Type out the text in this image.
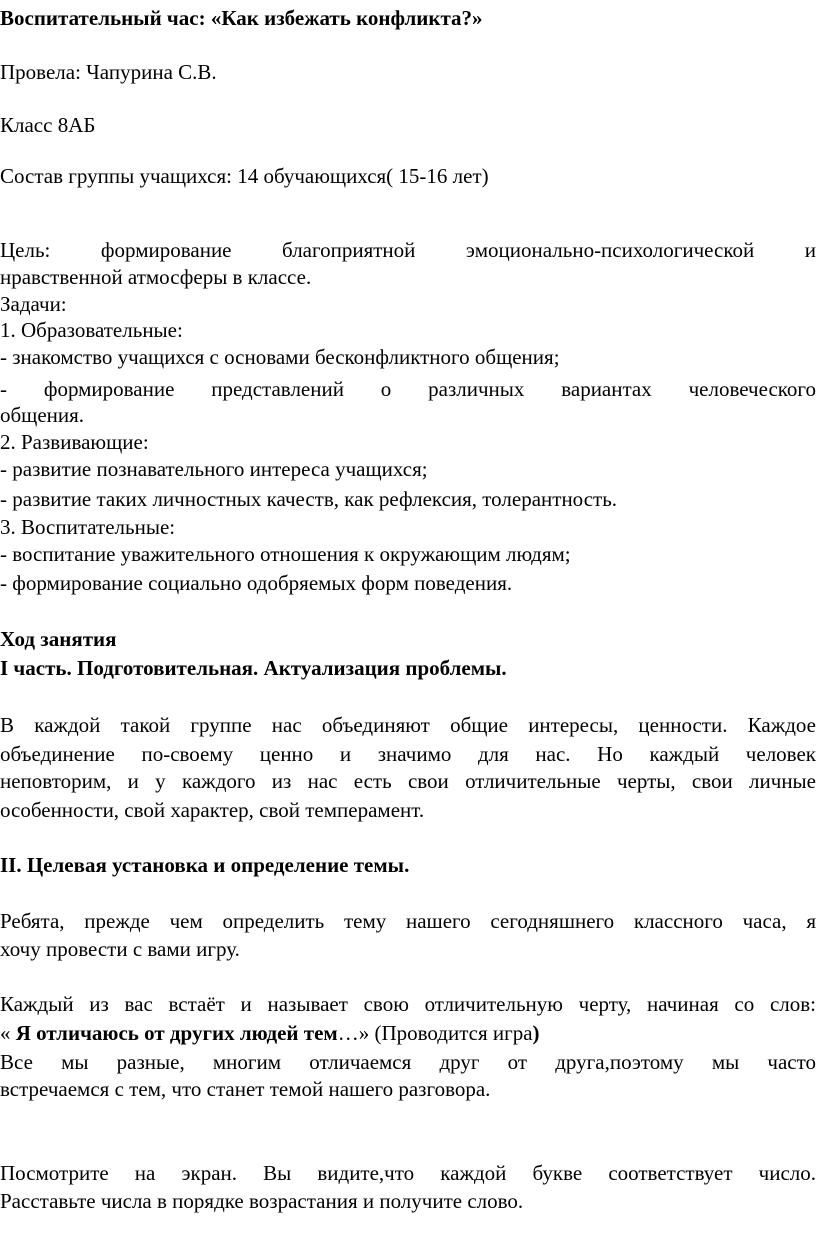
Воспитательный час: «Как избежать конфликта?»
Провела: Чапурина С.В.
Класс 8АБ
Состав группы учащихся: 14 обучающихся( 15-16 лет)
Цель: формирование благоприятной эмоционально-психологической и
нравственной атмосферы в классе.
Задачи:
1. Образовательные:
- знакомство учащихся с основами бесконфликтного общения;
- формирование представлений о различных вариантах человеческого
общения.
2. Развивающие:
- развитие познавательного интереса учащихся;
- развитие таких личностных качеств, как рефлексия, толерантность.
3. Воспитательные:
- воспитание уважительного отношения к окружающим людям;
- формирование социально одобряемых форм поведения.
Ход занятия
I часть. Подготовительная. Актуализация проблемы.
В каждой такой группе нас объединяют общие интересы, ценности. Каждое
объединение по-своему ценно и значимо для нас. Но каждый человек
неповторим, и у каждого из нас есть свои отличительные черты, свои личные
особенности, свой характер, свой темперамент.
II. Целевая установка и определение темы.
Ребята, прежде чем определить тему нашего сегодняшнего классного часа, я
хочу провести с вами игру.
Каждый из вас встаёт и называет свою отличительную черту, начиная со слов:
« Я отличаюсь от других людей тем…» (Проводится игра)
Все мы разные, многим отличаемся друг от друга,поэтому мы часто
встречаемся с тем, что станет темой нашего разговора.
Посмотрите на экран. Вы видите,что каждой букве соответствует число.
Расставьте числа в порядке возрастания и получите слово.
